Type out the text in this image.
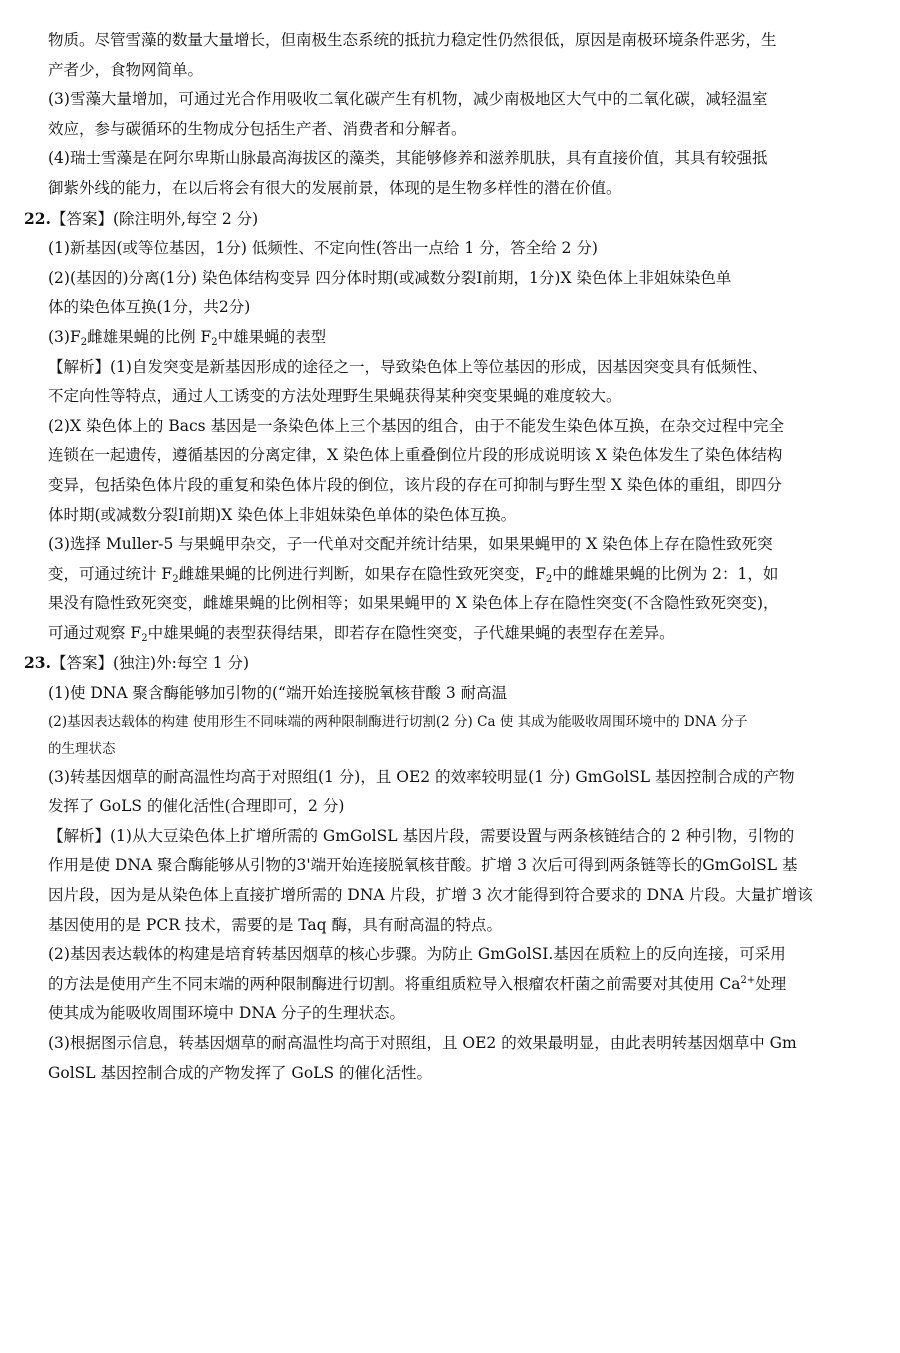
物质。尽管雪藻的数量大量增长，但南极生态系统的抵抗力稳定性仍然很低，原因是南极环境条件恶劣，生

产者少，食物网简单。

(3)雪藻大量增加，可通过光合作用吸收二氧化碳产生有机物，减少南极地区大气中的二氧化碳，减轻温室

效应，参与碳循环的生物成分包括生产者、消费者和分解者。

(4)瑞士雪藻是在阿尔卑斯山脉最高海拔区的藻类，其能够修养和滋养肌肤，具有直接价值，其具有较强抵

御紫外线的能力，在以后将会有很大的发展前景，体现的是生物多样性的潜在价值。

22.【答案】(除注明外,每空 2 分)

(1)新基因(或等位基因，1分) 低频性、不定向性(答出一点给 1 分，答全给 2 分)

(2)(基因的)分离(1分) 染色体结构变异 四分体时期(或减数分裂Ⅰ前期，1分)X 染色体上非姐妹染色单

体的染色体互换(1分，共2分)

$(3)F_2$雌雄果蝇的比例 $F_2$中雄果蝇的表型

【解析】(1)自发突变是新基因形成的途径之一，导致染色体上等位基因的形成，因基因突变具有低频性、

不定向性等特点，通过人工诱变的方法处理野生果蝇获得某种突变果蝇的难度较大。

(2)X 染色体上的 Bacs 基因是一条染色体上三个基因的组合，由于不能发生染色体互换，在杂交过程中完全

连锁在一起遗传，遵循基因的分离定律，X 染色体上重叠倒位片段的形成说明该 X 染色体发生了染色体结构

变异，包括染色体片段的重复和染色体片段的倒位，该片段的存在可抑制与野生型 X 染色体的重组，即四分

体时期(或减数分裂Ⅰ前期)X 染色体上非姐妹染色单体的染色体互换。

(3)选择 Muller-5 与果蝇甲杂交，子一代单对交配并统计结果，如果果蝇甲的 X 染色体上存在隐性致死突

变，可通过统计 $F_2$雌雄果蝇的比例进行判断，如果存在隐性致死突变，$F_2$中的雌雄果蝇的比例为 2：1，如

果没有隐性致死突变，雌雄果蝇的比例相等；如果果蝇甲的 X 染色体上存在隐性突变(不含隐性致死突变)，

可通过观察 $F_2$中雄果蝇的表型获得结果，即若存在隐性突变，子代雄果蝇的表型存在差异。

23.【答案】(独注)外:每空 1 分)

(1)使 DNA 聚含酶能够加引物的(“端开始连接脱氧核苷酸 3 耐高温

(2)基因表达载体的构建 使用形生不同味端的两种限制酶进行切割(2 分) Ca 使 其成为能吸收周围环境中的 DNA 分子

的生理状态

(3)转基因烟草的耐高温性均高于对照组(1 分)，且 OE2 的效率较明显(1 分) GmGolSL 基因控制合成的产物

发挥了 GoLS 的催化活性(合理即可，2 分)

【解析】(1)从大豆染色体上扩增所需的 GmGolSL 基因片段，需要设置与两条核链结合的 2 种引物，引物的

作用是使 DNA 聚合酶能够从引物的3'端开始连接脱氧核苷酸。扩增 3 次后可得到两条链等长的GmGolSL 基

因片段，因为是从染色体上直接扩增所需的 DNA 片段，扩增 3 次才能得到符合要求的 DNA 片段。大量扩增该

基因使用的是 PCR 技术，需要的是 Taq 酶，具有耐高温的特点。

(2)基因表达载体的构建是培育转基因烟草的核心步骤。为防止 GmGolSI.基因在质粒上的反向连接，可采用

的方法是使用产生不同末端的两种限制酶进行切割。将重组质粒导入根瘤农杆菌之前需要对其使用 $Ca^{2+}$处理

使其成为能吸收周围环境中 DNA 分子的生理状态。

(3)根据图示信息，转基因烟草的耐高温性均高于对照组，且 OE2 的效果最明显，由此表明转基因烟草中 Gm

GolSL 基因控制合成的产物发挥了 GoLS 的催化活性。
